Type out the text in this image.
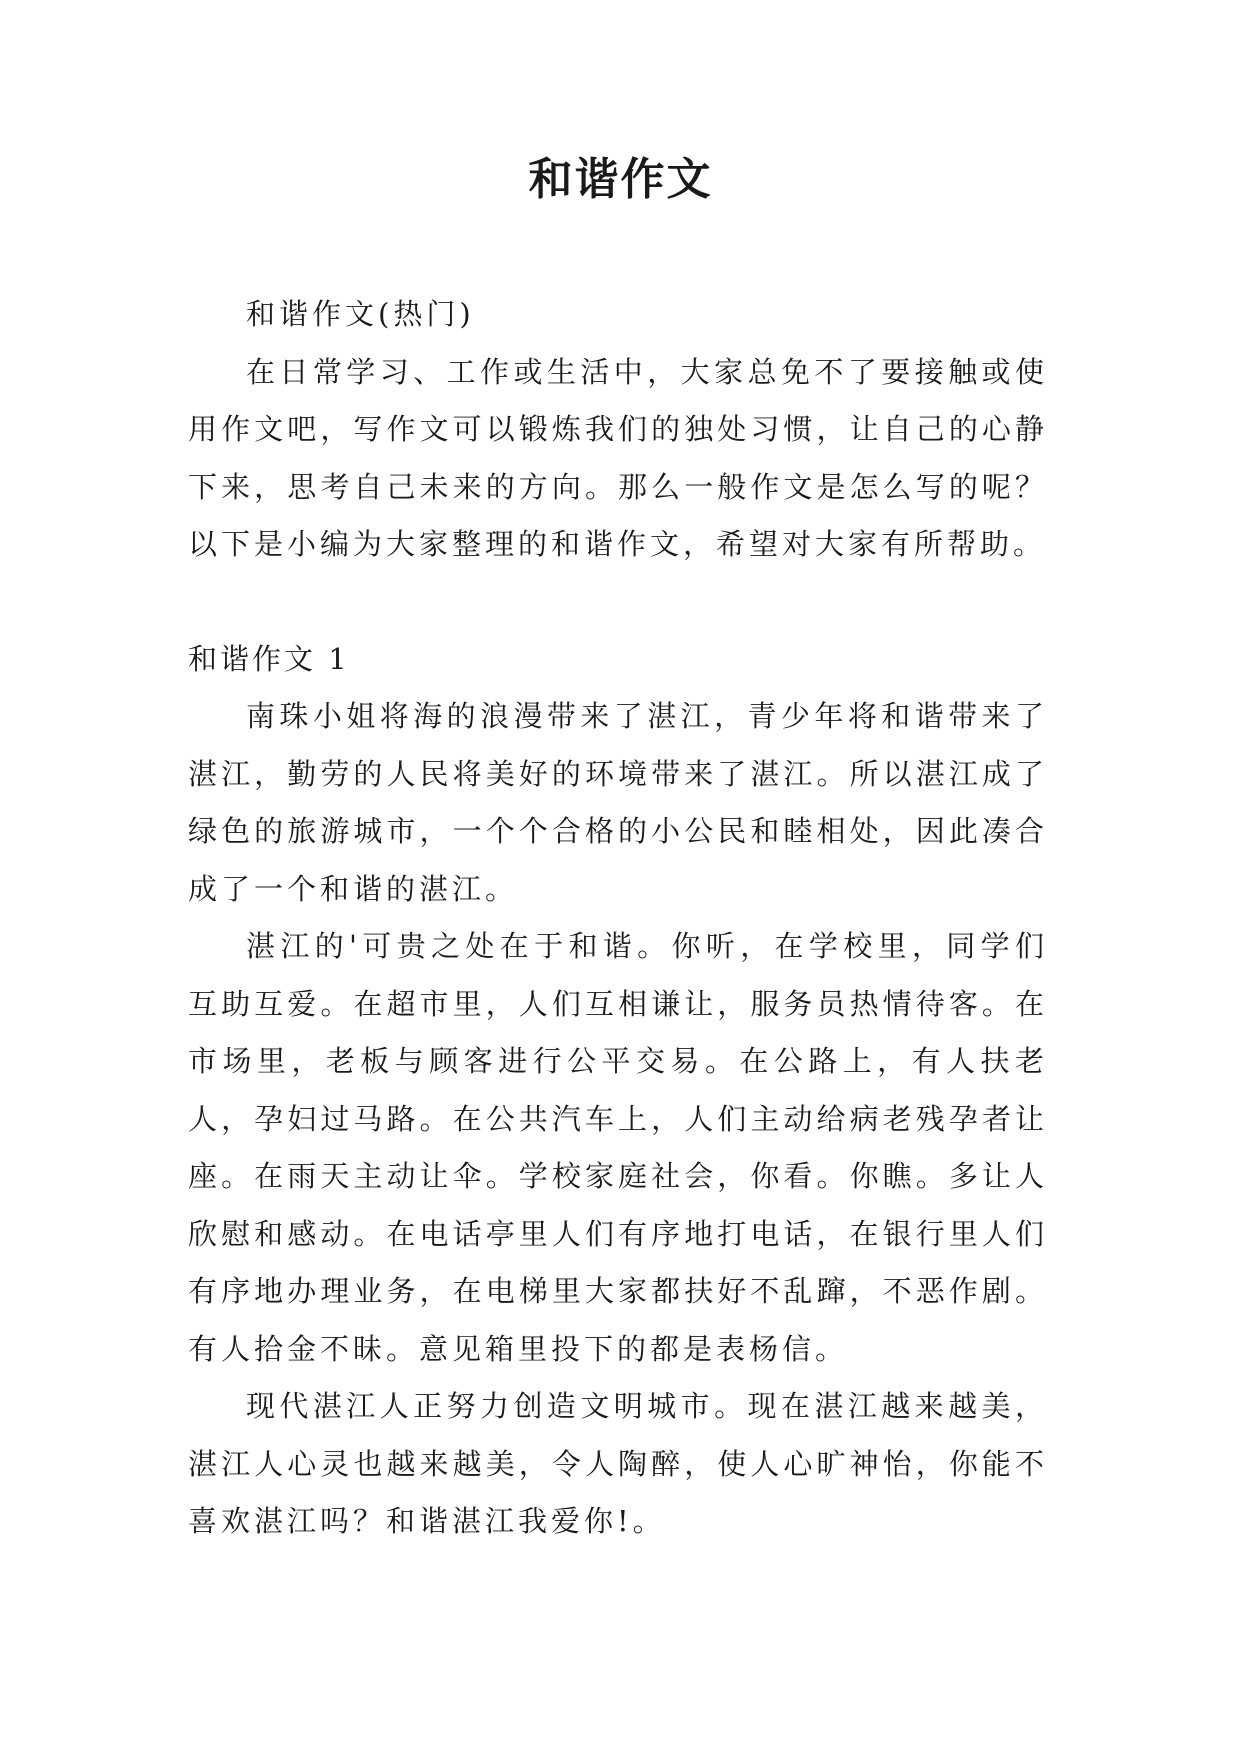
和谐作文

和谐作文(热门)

在日常学习、工作或生活中，大家总免不了要接触或使用作文吧，写作文可以锻炼我们的独处习惯，让自己的心静下来，思考自己未来的方向。那么一般作文是怎么写的呢？以下是小编为大家整理的和谐作文，希望对大家有所帮助。

和谐作文 1

南珠小姐将海的浪漫带来了湛江，青少年将和谐带来了湛江，勤劳的人民将美好的环境带来了湛江。所以湛江成了绿色的旅游城市，一个个合格的小公民和睦相处，因此凑合成了一个和谐的湛江。

湛江的'可贵之处在于和谐。你听，在学校里，同学们互助互爱。在超市里，人们互相谦让，服务员热情待客。在市场里，老板与顾客进行公平交易。在公路上，有人扶老人，孕妇过马路。在公共汽车上，人们主动给病老残孕者让座。在雨天主动让伞。学校家庭社会，你看。你瞧。多让人欣慰和感动。在电话亭里人们有序地打电话，在银行里人们有序地办理业务，在电梯里大家都扶好不乱蹿，不恶作剧。有人拾金不昧。意见箱里投下的都是表杨信。

现代湛江人正努力创造文明城市。现在湛江越来越美，湛江人心灵也越来越美，令人陶醉，使人心旷神怡，你能不喜欢湛江吗？和谐湛江我爱你!。
